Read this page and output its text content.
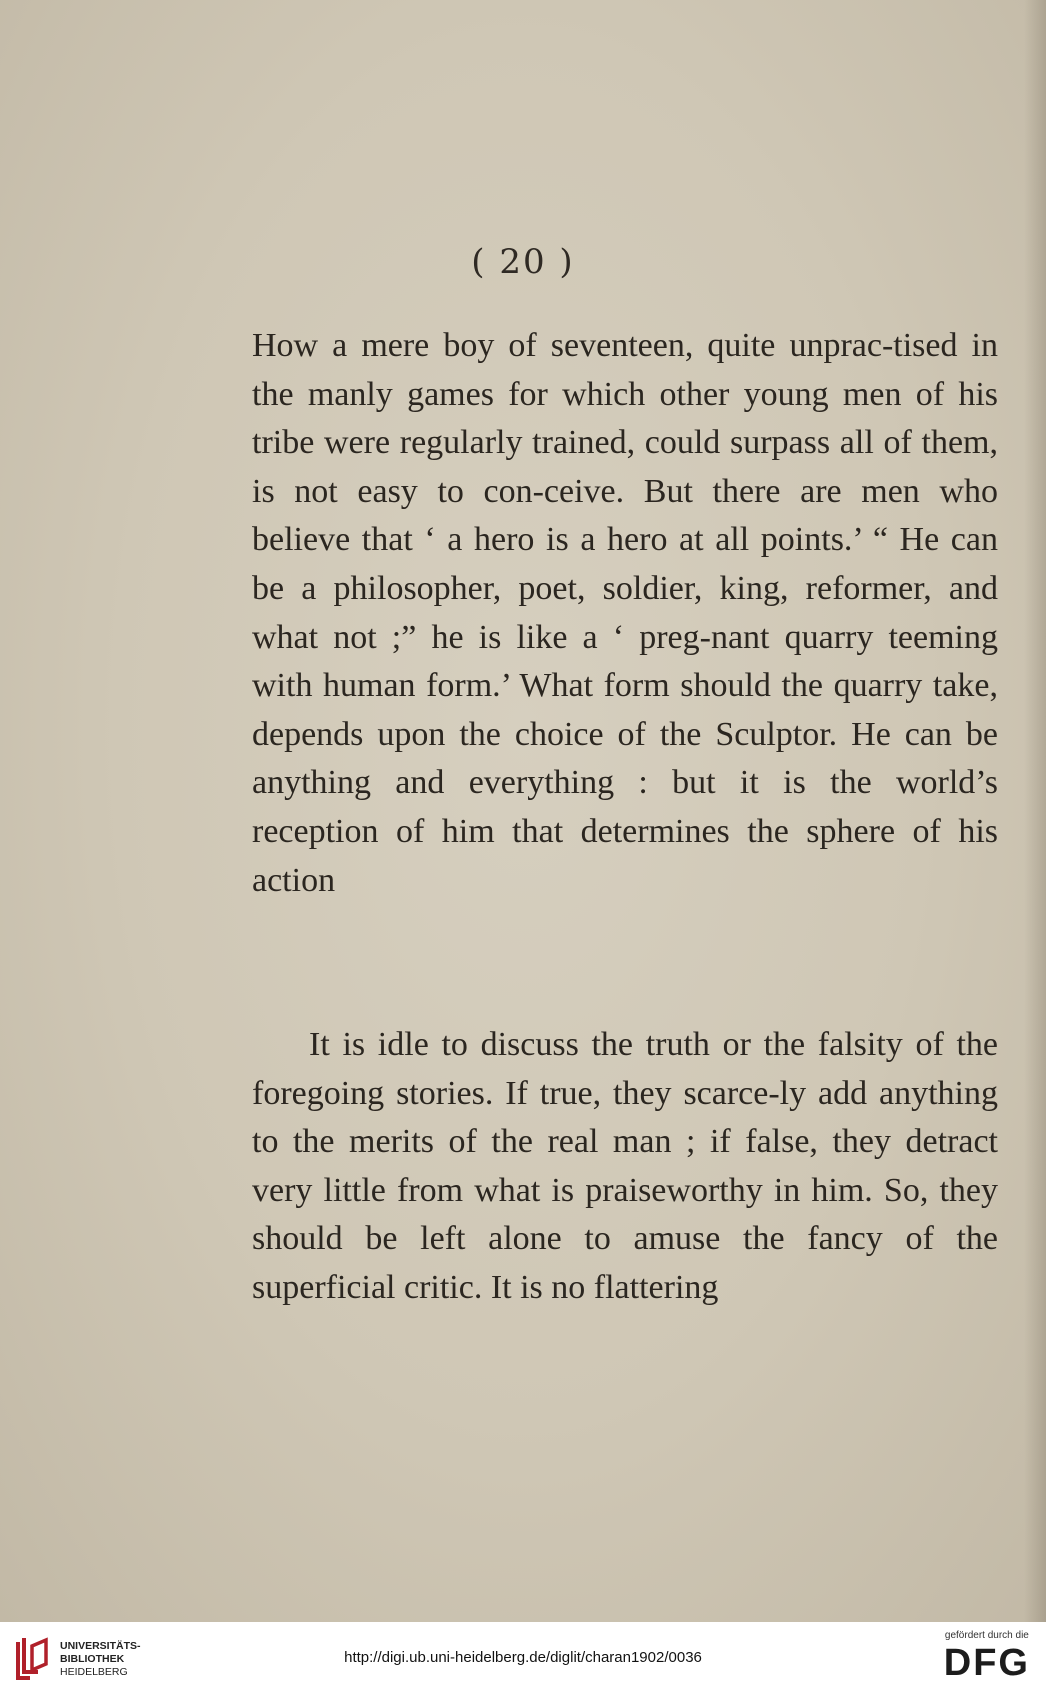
( 20 )

How a mere boy of seventeen, quite unprac-tised in the manly games for which other young men of his tribe were regularly trained, could surpass all of them, is not easy to con-ceive. But there are men who believe that ‘ a hero is a hero at all points.’ “ He can be a philosopher, poet, soldier, king, reformer, and what not ;” he is like a ‘ preg-nant quarry teeming with human form.’ What form should the quarry take, depends upon the choice of the Sculptor. He can be anything and everything : but it is the world’s reception of him that determines the sphere of his action

It is idle to discuss the truth or the falsity of the foregoing stories. If true, they scarce-ly add anything to the merits of the real man ; if false, they detract very little from what is praiseworthy in him. So, they should be left alone to amuse the fancy of the superficial critic. It is no flattering

UNIVERSITÄTS-
BIBLIOTHEK
HEIDELBERG
http://digi.ub.uni-heidelberg.de/diglit/charan1902/0036
gefördert durch die
DFG
